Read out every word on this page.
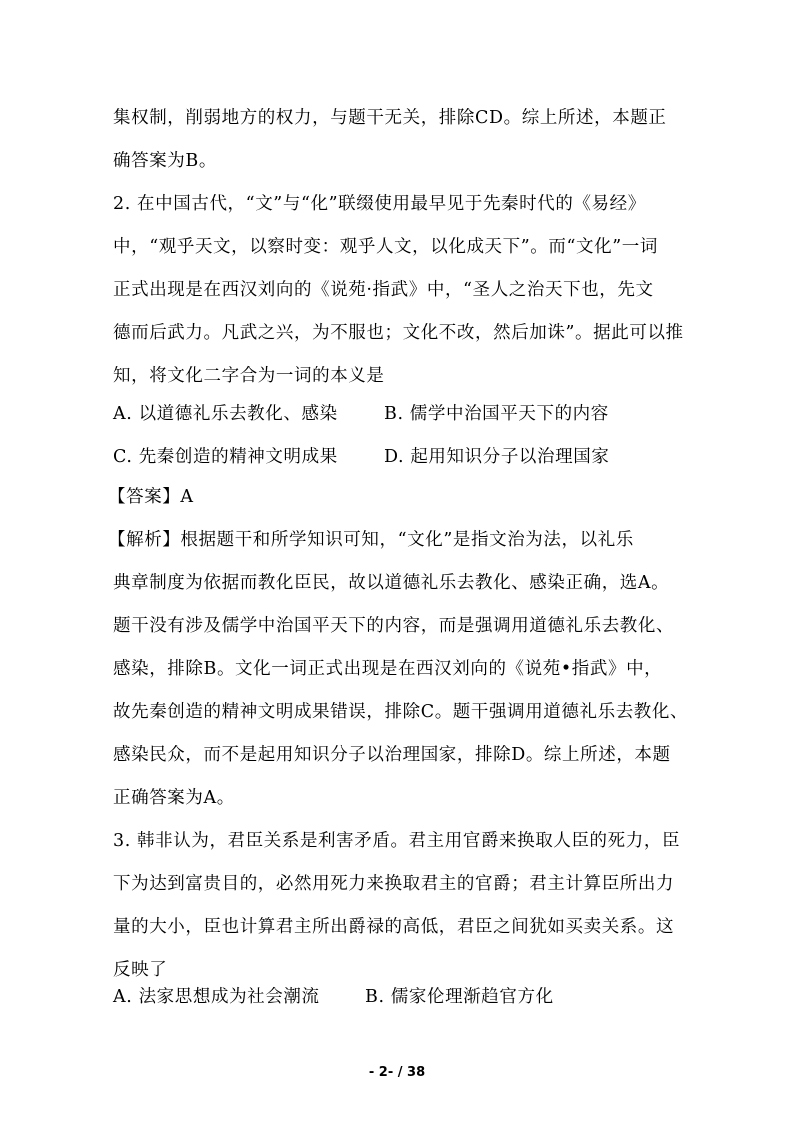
集权制，削弱地方的权力，与题干无关，排除CD。综上所述，本题正
确答案为B。
2. 在中国古代，“文”与“化”联缀使用最早见于先秦时代的《易经》
中，“观乎天文，以察时变：观乎人文，以化成天下”。而“文化”一词
正式出现是在西汉刘向的《说苑·指武》中，“圣人之治天下也，先文
德而后武力。凡武之兴，为不服也；文化不改，然后加诛”。据此可以推
知，将文化二字合为一词的本义是
A. 以道德礼乐去教化、感染	B. 儒学中治国平天下的内容
C. 先秦创造的精神文明成果	D. 起用知识分子以治理国家
【答案】A
【解析】根据题干和所学知识可知，“文化”是指文治为法，以礼乐
典章制度为依据而教化臣民，故以道德礼乐去教化、感染正确，选A。
题干没有涉及儒学中治国平天下的内容，而是强调用道德礼乐去教化、
感染，排除B。文化一词正式出现是在西汉刘向的《说苑•指武》中，
故先秦创造的精神文明成果错误，排除C。题干强调用道德礼乐去教化、
感染民众，而不是起用知识分子以治理国家，排除D。综上所述，本题
正确答案为A。
3. 韩非认为，君臣关系是利害矛盾。君主用官爵来换取人臣的死力，臣
下为达到富贵目的，必然用死力来换取君主的官爵；君主计算臣所出力
量的大小，臣也计算君主所出爵禄的高低，君臣之间犹如买卖关系。这
反映了
A. 法家思想成为社会潮流	B. 儒家伦理渐趋官方化
- 2- / 38
